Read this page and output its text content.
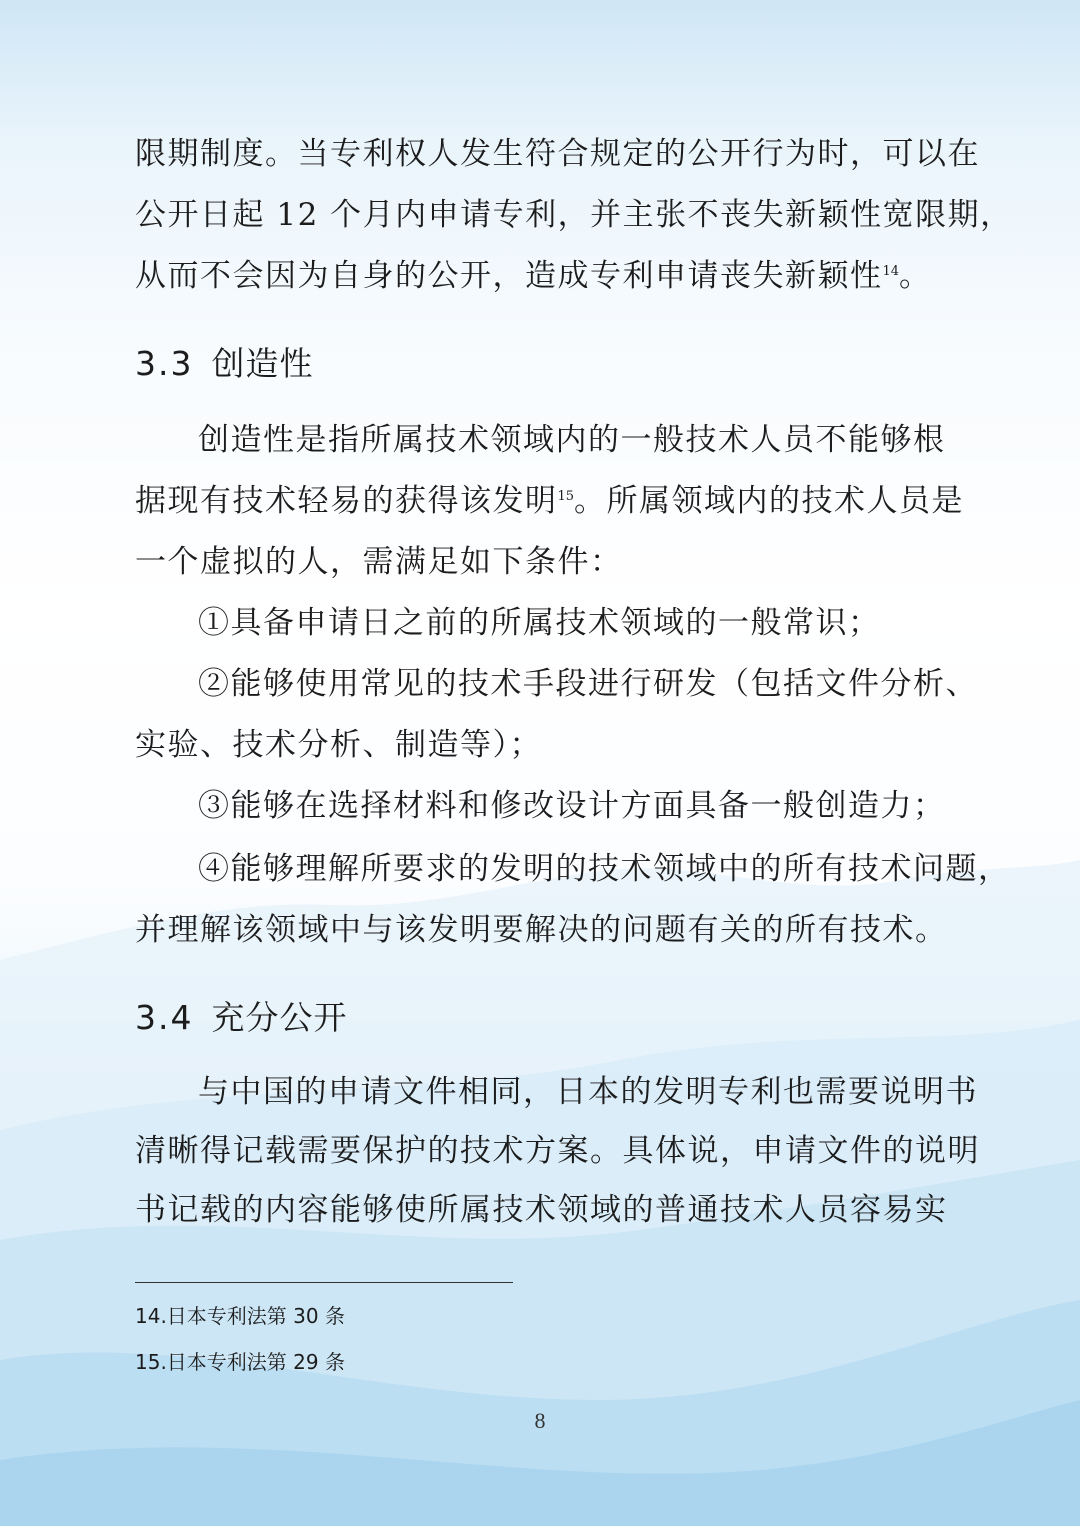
限期制度。当专利权人发生符合规定的公开行为时，可以在
公开日起 12 个月内申请专利，并主张不丧失新颖性宽限期，
从而不会因为自身的公开，造成专利申请丧失新颖性$^{14}$。
3.3 创造性
创造性是指所属技术领域内的一般技术人员不能够根
据现有技术轻易的获得该发明$^{15}$。所属领域内的技术人员是
一个虚拟的人，需满足如下条件：
①具备申请日之前的所属技术领域的一般常识；
②能够使用常见的技术手段进行研发（包括文件分析、
实验、技术分析、制造等）；
③能够在选择材料和修改设计方面具备一般创造力；
④能够理解所要求的发明的技术领域中的所有技术问题，
并理解该领域中与该发明要解决的问题有关的所有技术。
3.4 充分公开
与中国的申请文件相同，日本的发明专利也需要说明书
清晰得记载需要保护的技术方案。具体说，申请文件的说明
书记载的内容能够使所属技术领域的普通技术人员容易实
14.日本专利法第 30 条
15.日本专利法第 29 条
8
